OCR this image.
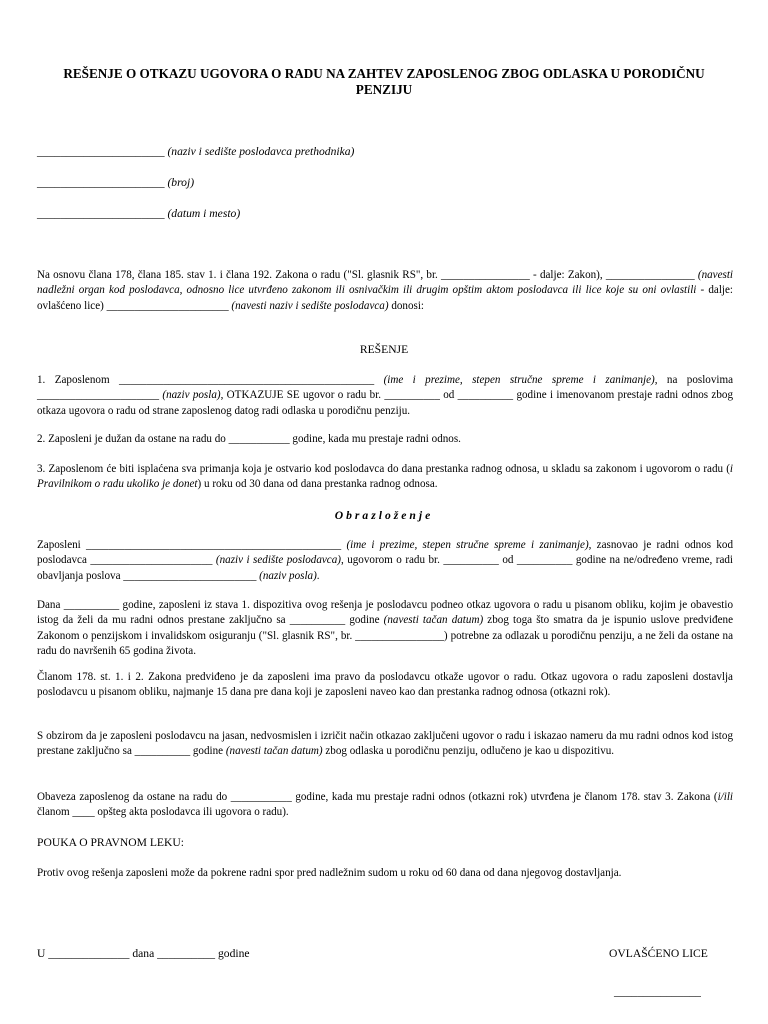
REŠENJE O OTKAZU UGOVORA O RADU NA ZAHTEV ZAPOSLENOG ZBOG ODLASKA U PORODIČNU PENZIJU
______________________ (naziv i sedište poslodavca prethodnika)
______________________ (broj)
______________________ (datum i mesto)

Na osnovu člana 178, člana 185. stav 1. i člana 192. Zakona o radu ("Sl. glasnik RS", br. ________________ - dalje: Zakon), ________________ (navesti nadležni organ kod poslodavca, odnosno lice utvrđeno zakonom ili osnivačkim ili drugim opštim aktom poslodavca ili lice koje su oni ovlastili - dalje: ovlašćeno lice) ______________________ (navesti naziv i sedište poslodavca) donosi:

REŠENJE

1. Zaposlenom ______________________________________________ (ime i prezime, stepen stručne spreme i zanimanje), na poslovima ______________________ (naziv posla), OTKAZUJE SE ugovor o radu br. __________ od __________ godine i imenovanom prestaje radni odnos zbog otkaza ugovora o radu od strane zaposlenog datog radi odlaska u porodičnu penziju.

2. Zaposleni je dužan da ostane na radu do ___________ godine, kada mu prestaje radni odnos.

3. Zaposlenom će biti isplaćena sva primanja koja je ostvario kod poslodavca do dana prestanka radnog odnosa, u skladu sa zakonom i ugovorom o radu (i Pravilnikom o radu ukoliko je donet) u roku od 30 dana od dana prestanka radnog odnosa.

Obrazloženje

Zaposleni ______________________________________________ (ime i prezime, stepen stručne spreme i zanimanje), zasnovao je radni odnos kod poslodavca ______________________ (naziv i sedište poslodavca), ugovorom o radu br. __________ od __________ godine na ne/određeno vreme, radi obavljanja poslova ________________________ (naziv posla).

Dana __________ godine, zaposleni iz stava 1. dispozitiva ovog rešenja je poslodavcu podneo otkaz ugovora o radu u pisanom obliku, kojim je obavestio istog da želi da mu radni odnos prestane zaključno sa __________ godine (navesti tačan datum) zbog toga što smatra da je ispunio uslove predviđene Zakonom o penzijskom i invalidskom osiguranju ("Sl. glasnik RS", br. ________________) potrebne za odlazak u porodičnu penziju, a ne želi da ostane na radu do navršenih 65 godina života.

Članom 178. st. 1. i 2. Zakona predviđeno je da zaposleni ima pravo da poslodavcu otkaže ugovor o radu. Otkaz ugovora o radu zaposleni dostavlja poslodavcu u pisanom obliku, najmanje 15 dana pre dana koji je zaposleni naveo kao dan prestanka radnog odnosa (otkazni rok).

S obzirom da je zaposleni poslodavcu na jasan, nedvosmislen i izričit način otkazao zaključeni ugovor o radu i iskazao nameru da mu radni odnos kod istog prestane zaključno sa __________ godine (navesti tačan datum) zbog odlaska u porodičnu penziju, odlučeno je kao u dispozitivu.

Obaveza zaposlenog da ostane na radu do ___________ godine, kada mu prestaje radni odnos (otkazni rok) utvrđena je članom 178. stav 3. Zakona (i/ili članom ____ opšteg akta poslodavca ili ugovora o radu).

POUKA O PRAVNOM LEKU:

Protiv ovog rešenja zaposleni može da pokrene radni spor pred nadležnim sudom u roku od 60 dana od dana njegovog dostavljanja.

U ______________ dana __________ godine	OVLAŠĆENO LICE
_______________
